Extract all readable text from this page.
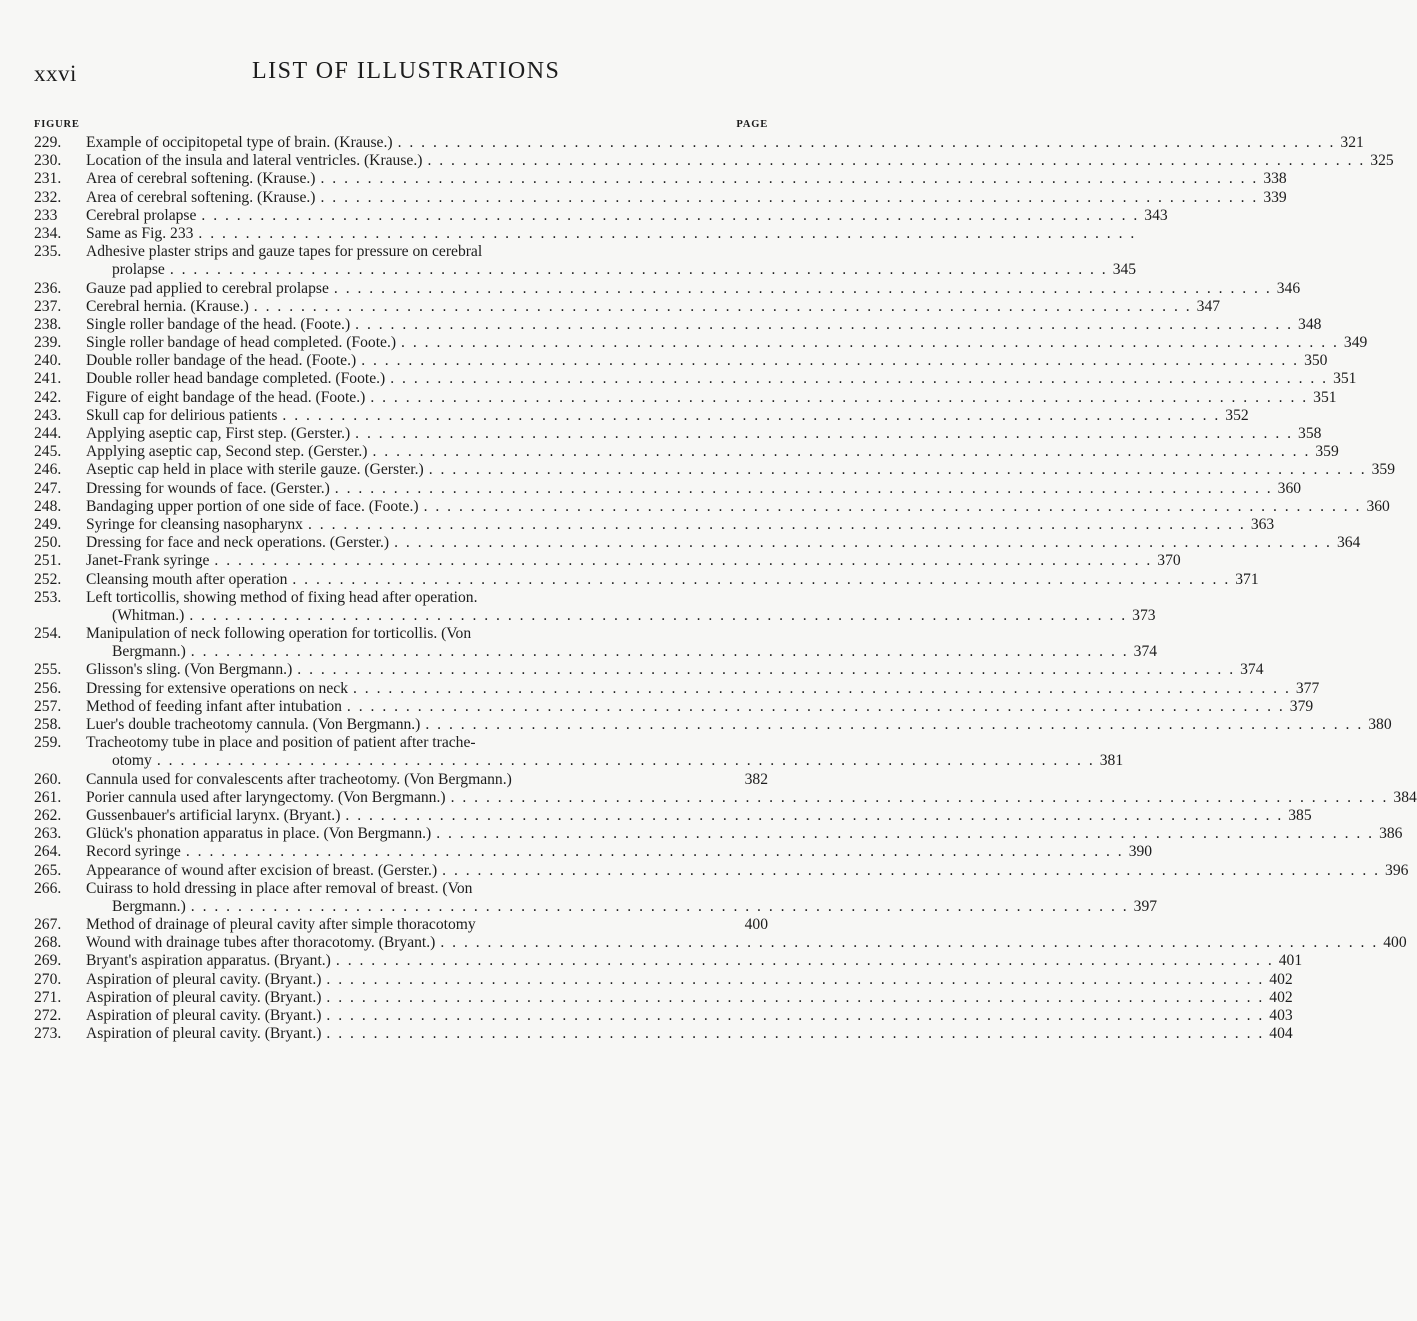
xxvi	LIST OF ILLUSTRATIONS
FIGURE	PAGE
229.	Example of occipitopetal type of brain. (Krause.) . . . . . . . . . . . . . . . . . . . . . . . . . . . . . . . . . . . . . . . . . . . . . . . . . . . . . . . . . . . . . . . . . . . . . . . . . . . . . . . . 321
230.	Location of the insula and lateral ventricles. (Krause.) . . . . . . . . . . . . . . . . . . . . . . . . . . . . . . . . . . . . . . . . . . . . . . . . . . . . . . . . . . . . . . . . . . . . . . . . . . . . . . . . 325
231.	Area of cerebral softening. (Krause.) . . . . . . . . . . . . . . . . . . . . . . . . . . . . . . . . . . . . . . . . . . . . . . . . . . . . . . . . . . . . . . . . . . . . . . . . . . . . . . . . 338
232.	Area of cerebral softening. (Krause.) . . . . . . . . . . . . . . . . . . . . . . . . . . . . . . . . . . . . . . . . . . . . . . . . . . . . . . . . . . . . . . . . . . . . . . . . . . . . . . . . 339
233	Cerebral prolapse . . . . . . . . . . . . . . . . . . . . . . . . . . . . . . . . . . . . . . . . . . . . . . . . . . . . . . . . . . . . . . . . . . . . . . . . . . . . . . . . 343
234.	Same as Fig. 233 . . . . . . . . . . . . . . . . . . . . . . . . . . . . . . . . . . . . . . . . . . . . . . . . . . . . . . . . . . . . . . . . . . . . . . . . . . . . . . . .
235.	Adhesive plaster strips and gauze tapes for pressure on cerebral
prolapse . . . . . . . . . . . . . . . . . . . . . . . . . . . . . . . . . . . . . . . . . . . . . . . . . . . . . . . . . . . . . . . . . . . . . . . . . . . . . . . . 345
236.	Gauze pad applied to cerebral prolapse . . . . . . . . . . . . . . . . . . . . . . . . . . . . . . . . . . . . . . . . . . . . . . . . . . . . . . . . . . . . . . . . . . . . . . . . . . . . . . . . 346
237.	Cerebral hernia. (Krause.) . . . . . . . . . . . . . . . . . . . . . . . . . . . . . . . . . . . . . . . . . . . . . . . . . . . . . . . . . . . . . . . . . . . . . . . . . . . . . . . . 347
238.	Single roller bandage of the head. (Foote.) . . . . . . . . . . . . . . . . . . . . . . . . . . . . . . . . . . . . . . . . . . . . . . . . . . . . . . . . . . . . . . . . . . . . . . . . . . . . . . . . 348
239.	Single roller bandage of head completed. (Foote.) . . . . . . . . . . . . . . . . . . . . . . . . . . . . . . . . . . . . . . . . . . . . . . . . . . . . . . . . . . . . . . . . . . . . . . . . . . . . . . . . 349
240.	Double roller bandage of the head. (Foote.) . . . . . . . . . . . . . . . . . . . . . . . . . . . . . . . . . . . . . . . . . . . . . . . . . . . . . . . . . . . . . . . . . . . . . . . . . . . . . . . . 350
241.	Double roller head bandage completed. (Foote.) . . . . . . . . . . . . . . . . . . . . . . . . . . . . . . . . . . . . . . . . . . . . . . . . . . . . . . . . . . . . . . . . . . . . . . . . . . . . . . . . 351
242.	Figure of eight bandage of the head. (Foote.) . . . . . . . . . . . . . . . . . . . . . . . . . . . . . . . . . . . . . . . . . . . . . . . . . . . . . . . . . . . . . . . . . . . . . . . . . . . . . . . . 351
243.	Skull cap for delirious patients . . . . . . . . . . . . . . . . . . . . . . . . . . . . . . . . . . . . . . . . . . . . . . . . . . . . . . . . . . . . . . . . . . . . . . . . . . . . . . . . 352
244.	Applying aseptic cap, First step. (Gerster.) . . . . . . . . . . . . . . . . . . . . . . . . . . . . . . . . . . . . . . . . . . . . . . . . . . . . . . . . . . . . . . . . . . . . . . . . . . . . . . . . 358
245.	Applying aseptic cap, Second step. (Gerster.) . . . . . . . . . . . . . . . . . . . . . . . . . . . . . . . . . . . . . . . . . . . . . . . . . . . . . . . . . . . . . . . . . . . . . . . . . . . . . . . . 359
246.	Aseptic cap held in place with sterile gauze. (Gerster.) . . . . . . . . . . . . . . . . . . . . . . . . . . . . . . . . . . . . . . . . . . . . . . . . . . . . . . . . . . . . . . . . . . . . . . . . . . . . . . . . 359
247.	Dressing for wounds of face. (Gerster.) . . . . . . . . . . . . . . . . . . . . . . . . . . . . . . . . . . . . . . . . . . . . . . . . . . . . . . . . . . . . . . . . . . . . . . . . . . . . . . . . 360
248.	Bandaging upper portion of one side of face. (Foote.) . . . . . . . . . . . . . . . . . . . . . . . . . . . . . . . . . . . . . . . . . . . . . . . . . . . . . . . . . . . . . . . . . . . . . . . . . . . . . . . . 360
249.	Syringe for cleansing nasopharynx . . . . . . . . . . . . . . . . . . . . . . . . . . . . . . . . . . . . . . . . . . . . . . . . . . . . . . . . . . . . . . . . . . . . . . . . . . . . . . . . 363
250.	Dressing for face and neck operations. (Gerster.) . . . . . . . . . . . . . . . . . . . . . . . . . . . . . . . . . . . . . . . . . . . . . . . . . . . . . . . . . . . . . . . . . . . . . . . . . . . . . . . . 364
251.	Janet-Frank syringe . . . . . . . . . . . . . . . . . . . . . . . . . . . . . . . . . . . . . . . . . . . . . . . . . . . . . . . . . . . . . . . . . . . . . . . . . . . . . . . . 370
252.	Cleansing mouth after operation . . . . . . . . . . . . . . . . . . . . . . . . . . . . . . . . . . . . . . . . . . . . . . . . . . . . . . . . . . . . . . . . . . . . . . . . . . . . . . . . 371
253.	Left torticollis, showing method of fixing head after operation.
(Whitman.) . . . . . . . . . . . . . . . . . . . . . . . . . . . . . . . . . . . . . . . . . . . . . . . . . . . . . . . . . . . . . . . . . . . . . . . . . . . . . . . . 373
254.	Manipulation of neck following operation for torticollis. (Von
Bergmann.) . . . . . . . . . . . . . . . . . . . . . . . . . . . . . . . . . . . . . . . . . . . . . . . . . . . . . . . . . . . . . . . . . . . . . . . . . . . . . . . . 374
255.	Glisson's sling. (Von Bergmann.) . . . . . . . . . . . . . . . . . . . . . . . . . . . . . . . . . . . . . . . . . . . . . . . . . . . . . . . . . . . . . . . . . . . . . . . . . . . . . . . . 374
256.	Dressing for extensive operations on neck . . . . . . . . . . . . . . . . . . . . . . . . . . . . . . . . . . . . . . . . . . . . . . . . . . . . . . . . . . . . . . . . . . . . . . . . . . . . . . . . 377
257.	Method of feeding infant after intubation . . . . . . . . . . . . . . . . . . . . . . . . . . . . . . . . . . . . . . . . . . . . . . . . . . . . . . . . . . . . . . . . . . . . . . . . . . . . . . . . 379
258.	Luer's double tracheotomy cannula. (Von Bergmann.) . . . . . . . . . . . . . . . . . . . . . . . . . . . . . . . . . . . . . . . . . . . . . . . . . . . . . . . . . . . . . . . . . . . . . . . . . . . . . . . . 380
259.	Tracheotomy tube in place and position of patient after trache-
otomy . . . . . . . . . . . . . . . . . . . . . . . . . . . . . . . . . . . . . . . . . . . . . . . . . . . . . . . . . . . . . . . . . . . . . . . . . . . . . . . . 381
260.	Cannula used for convalescents after tracheotomy. (Von Bergmann.)	382
261.	Porier cannula used after laryngectomy. (Von Bergmann.) . . . . . . . . . . . . . . . . . . . . . . . . . . . . . . . . . . . . . . . . . . . . . . . . . . . . . . . . . . . . . . . . . . . . . . . . . . . . . . . . 384
262.	Gussenbauer's artificial larynx. (Bryant.) . . . . . . . . . . . . . . . . . . . . . . . . . . . . . . . . . . . . . . . . . . . . . . . . . . . . . . . . . . . . . . . . . . . . . . . . . . . . . . . . 385
263.	Glück's phonation apparatus in place. (Von Bergmann.) . . . . . . . . . . . . . . . . . . . . . . . . . . . . . . . . . . . . . . . . . . . . . . . . . . . . . . . . . . . . . . . . . . . . . . . . . . . . . . . . 386
264.	Record syringe . . . . . . . . . . . . . . . . . . . . . . . . . . . . . . . . . . . . . . . . . . . . . . . . . . . . . . . . . . . . . . . . . . . . . . . . . . . . . . . . 390
265.	Appearance of wound after excision of breast. (Gerster.) . . . . . . . . . . . . . . . . . . . . . . . . . . . . . . . . . . . . . . . . . . . . . . . . . . . . . . . . . . . . . . . . . . . . . . . . . . . . . . . . 396
266.	Cuirass to hold dressing in place after removal of breast. (Von
Bergmann.) . . . . . . . . . . . . . . . . . . . . . . . . . . . . . . . . . . . . . . . . . . . . . . . . . . . . . . . . . . . . . . . . . . . . . . . . . . . . . . . . 397
267.	Method of drainage of pleural cavity after simple thoracotomy	400
268.	Wound with drainage tubes after thoracotomy. (Bryant.) . . . . . . . . . . . . . . . . . . . . . . . . . . . . . . . . . . . . . . . . . . . . . . . . . . . . . . . . . . . . . . . . . . . . . . . . . . . . . . . . 400
269.	Bryant's aspiration apparatus. (Bryant.) . . . . . . . . . . . . . . . . . . . . . . . . . . . . . . . . . . . . . . . . . . . . . . . . . . . . . . . . . . . . . . . . . . . . . . . . . . . . . . . . 401
270.	Aspiration of pleural cavity. (Bryant.) . . . . . . . . . . . . . . . . . . . . . . . . . . . . . . . . . . . . . . . . . . . . . . . . . . . . . . . . . . . . . . . . . . . . . . . . . . . . . . . . 402
271.	Aspiration of pleural cavity. (Bryant.) . . . . . . . . . . . . . . . . . . . . . . . . . . . . . . . . . . . . . . . . . . . . . . . . . . . . . . . . . . . . . . . . . . . . . . . . . . . . . . . . 402
272.	Aspiration of pleural cavity. (Bryant.) . . . . . . . . . . . . . . . . . . . . . . . . . . . . . . . . . . . . . . . . . . . . . . . . . . . . . . . . . . . . . . . . . . . . . . . . . . . . . . . . 403
273.	Aspiration of pleural cavity. (Bryant.) . . . . . . . . . . . . . . . . . . . . . . . . . . . . . . . . . . . . . . . . . . . . . . . . . . . . . . . . . . . . . . . . . . . . . . . . . . . . . . . . 404
